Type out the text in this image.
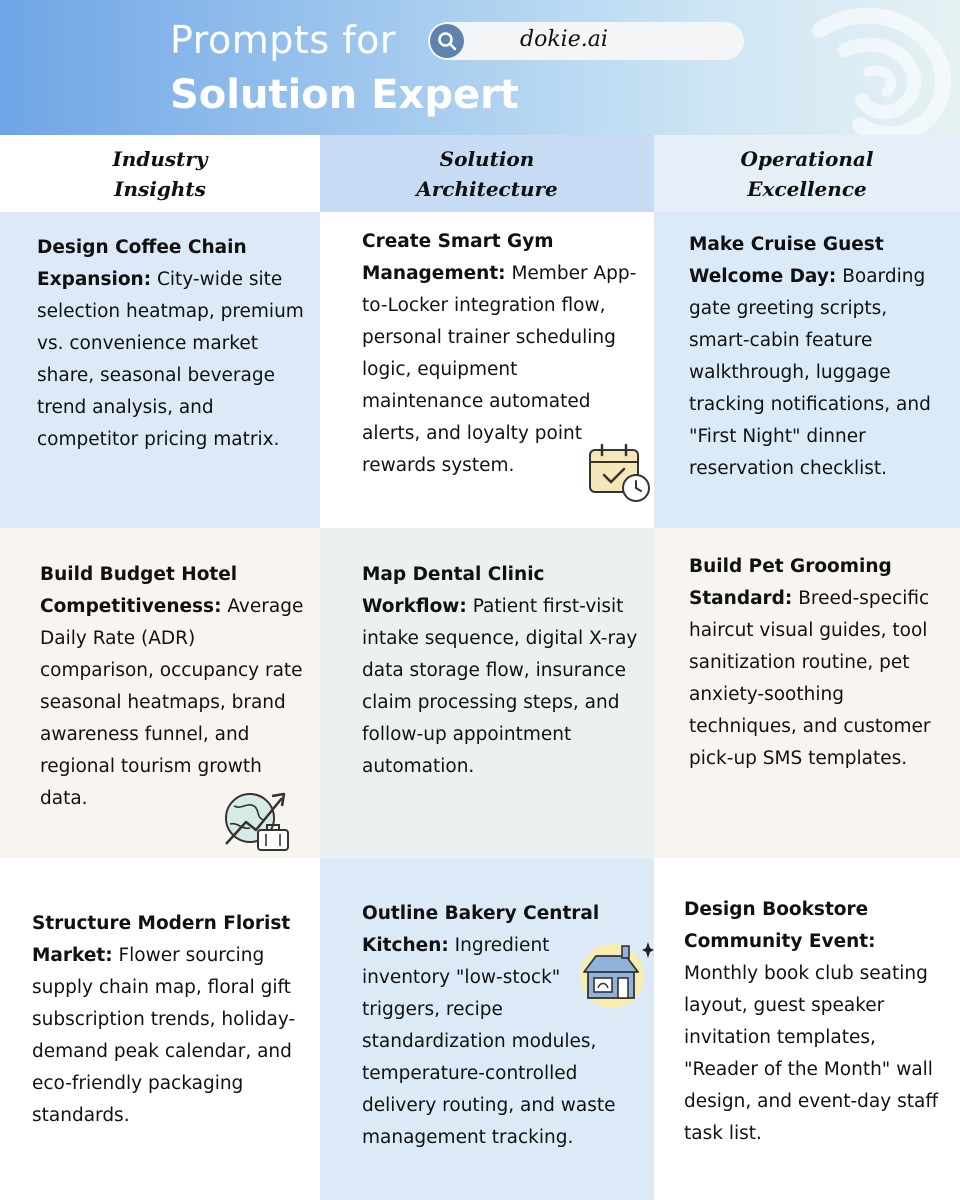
Prompts for
Solution Expert
dokie.ai
Industry
Insights
Solution
Architecture
Operational
Excellence
Design Coffee Chain Expansion: City-wide site selection heatmap, premium vs. convenience market share, seasonal beverage trend analysis, and competitor pricing matrix.
Create Smart Gym Management: Member App-to-Locker integration flow, personal trainer scheduling logic, equipment maintenance automated alerts, and loyalty point rewards system.
Make Cruise Guest Welcome Day: Boarding gate greeting scripts, smart-cabin feature walkthrough, luggage tracking notifications, and "First Night" dinner reservation checklist.
Build Budget Hotel Competitiveness: Average Daily Rate (ADR) comparison, occupancy rate seasonal heatmaps, brand awareness funnel, and regional tourism growth data.
Map Dental Clinic Workflow: Patient first-visit intake sequence, digital X-ray data storage flow, insurance claim processing steps, and follow-up appointment automation.
Build Pet Grooming Standard: Breed-specific haircut visual guides, tool sanitization routine, pet anxiety-soothing techniques, and customer pick-up SMS templates.
Structure Modern Florist Market: Flower sourcing supply chain map, floral gift subscription trends, holiday-demand peak calendar, and eco-friendly packaging standards.
Outline Bakery Central Kitchen: Ingredient inventory "low-stock" triggers, recipe standardization modules, temperature-controlled delivery routing, and waste management tracking.
Design Bookstore Community Event: Monthly book club seating layout, guest speaker invitation templates, "Reader of the Month" wall design, and event-day staff task list.
